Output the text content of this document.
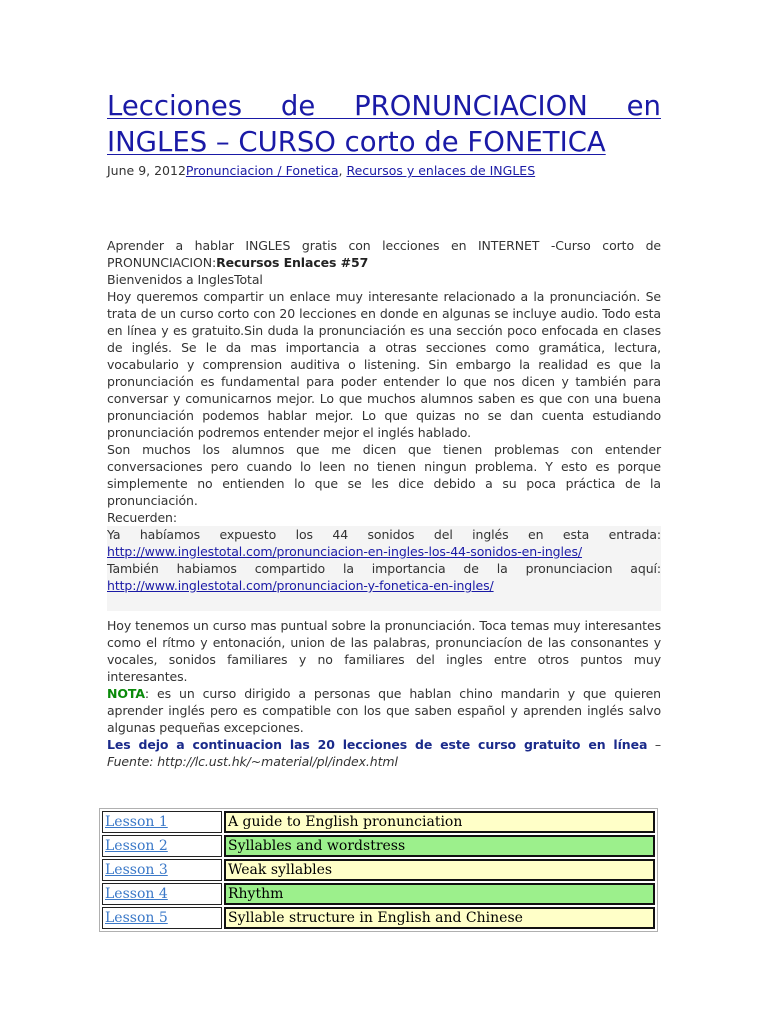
Lecciones de PRONUNCIACION en INGLES – CURSO corto de FONETICA
June 9, 2012Pronunciacion / Fonetica, Recursos y enlaces de INGLES

Aprender a hablar INGLES gratis con lecciones en INTERNET -Curso corto de PRONUNCIACION:Recursos Enlaces #57

Bienvenidos a InglesTotal

Hoy queremos compartir un enlace muy interesante relacionado a la pronunciación. Se trata de un curso corto con 20 lecciones en donde en algunas se incluye audio. Todo esta en línea y es gratuito.Sin duda la pronunciación es una sección poco enfocada en clases de inglés. Se le da mas importancia a otras secciones como gramática, lectura, vocabulario y comprension auditiva o listening. Sin embargo la realidad es que la pronunciación es fundamental para poder entender lo que nos dicen y también para conversar y comunicarnos mejor. Lo que muchos alumnos saben es que con una buena pronunciación podemos hablar mejor. Lo que quizas no se dan cuenta estudiando pronunciación podremos entender mejor el inglés hablado.

Son muchos los alumnos que me dicen que tienen problemas con entender conversaciones pero cuando lo leen no tienen ningun problema. Y esto es porque simplemente no entienden lo que se les dice debido a su poca práctica de la pronunciación.

Recuerden:

Ya habíamos expuesto los 44 sonidos del inglés en esta entrada: http://www.inglestotal.com/pronunciacion-en-ingles-los-44-sonidos-en-ingles/

También habiamos compartido la importancia de la pronunciacion aquí: http://www.inglestotal.com/pronunciacion-y-fonetica-en-ingles/

Hoy tenemos un curso mas puntual sobre la pronunciación. Toca temas muy interesantes como el rítmo y entonación, union de las palabras, pronunciacíon de las consonantes y vocales, sonidos familiares y no familiares del ingles entre otros puntos muy interesantes.

NOTA: es un curso dirigido a personas que hablan chino mandarin y que quieren aprender inglés pero es compatible con los que saben español y aprenden inglés salvo algunas pequeñas excepciones.

Les dejo a continuacion las 20 lecciones de este curso gratuito en línea – Fuente: http://lc.ust.hk/~material/pl/index.html

Lesson 1	A guide to English pronunciation
Lesson 2	Syllables and wordstress
Lesson 3	Weak syllables
Lesson 4	Rhythm
Lesson 5	Syllable structure in English and Chinese
